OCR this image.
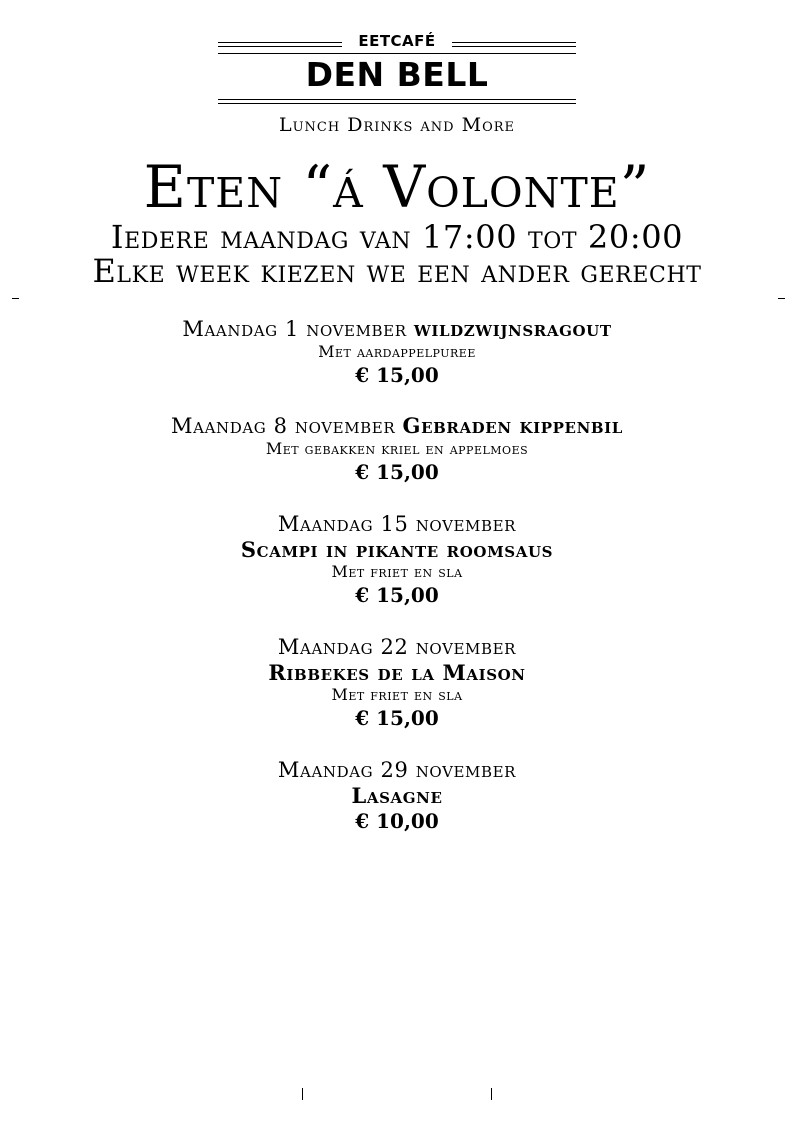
EETCAFÉ
DEN BELL
Lunch Drinks and More
Eten “á Volonte”
Iedere maandag van 17:00 tot 20:00
Elke week kiezen we een ander gerecht
Maandag 1 november wildzwijnsragout
Met aardappelpuree
€ 15,00
Maandag 8 november Gebraden kippenbil
Met gebakken kriel en appelmoes
€ 15,00
Maandag 15 november
Scampi in pikante roomsaus
Met friet en sla
€ 15,00
Maandag 22 november
Ribbekes de la Maison
Met friet en sla
€ 15,00
Maandag 29 november
Lasagne
€ 10,00
